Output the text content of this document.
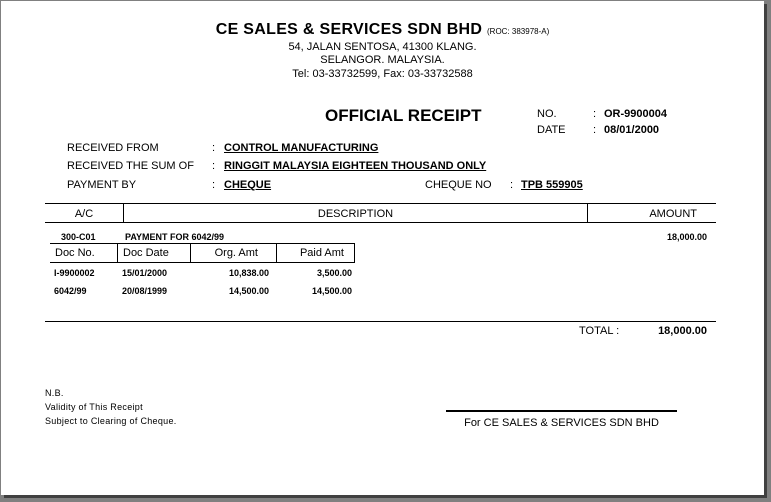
CE SALES & SERVICES SDN BHD (ROC: 383978-A)
54, JALAN SENTOSA, 41300 KLANG.
SELANGOR. MALAYSIA.
Tel: 03-33732599, Fax: 03-33732588
OFFICIAL RECEIPT	NO.	: OR-9900004
DATE : 08/01/2000
RECEIVED FROM	: CONTROL MANUFACTURING
RECEIVED THE SUM OF : RINGGIT MALAYSIA EIGHTEEN THOUSAND ONLY
PAYMENT BY	: CHEQUE	CHEQUE NO : TPB 559905
A/C	DESCRIPTION	AMOUNT
300-C01	PAYMENT FOR 6042/99	18,000.00
Doc No.	Doc Date	Org. Amt	Paid Amt
I-9900002	15/01/2000	10,838.00	3,500.00
6042/99	20/08/1999	14,500.00	14,500.00
TOTAL :	18,000.00
N.B.
Validity of This Receipt
Subject to Clearing of Cheque.	For CE SALES & SERVICES SDN BHD
